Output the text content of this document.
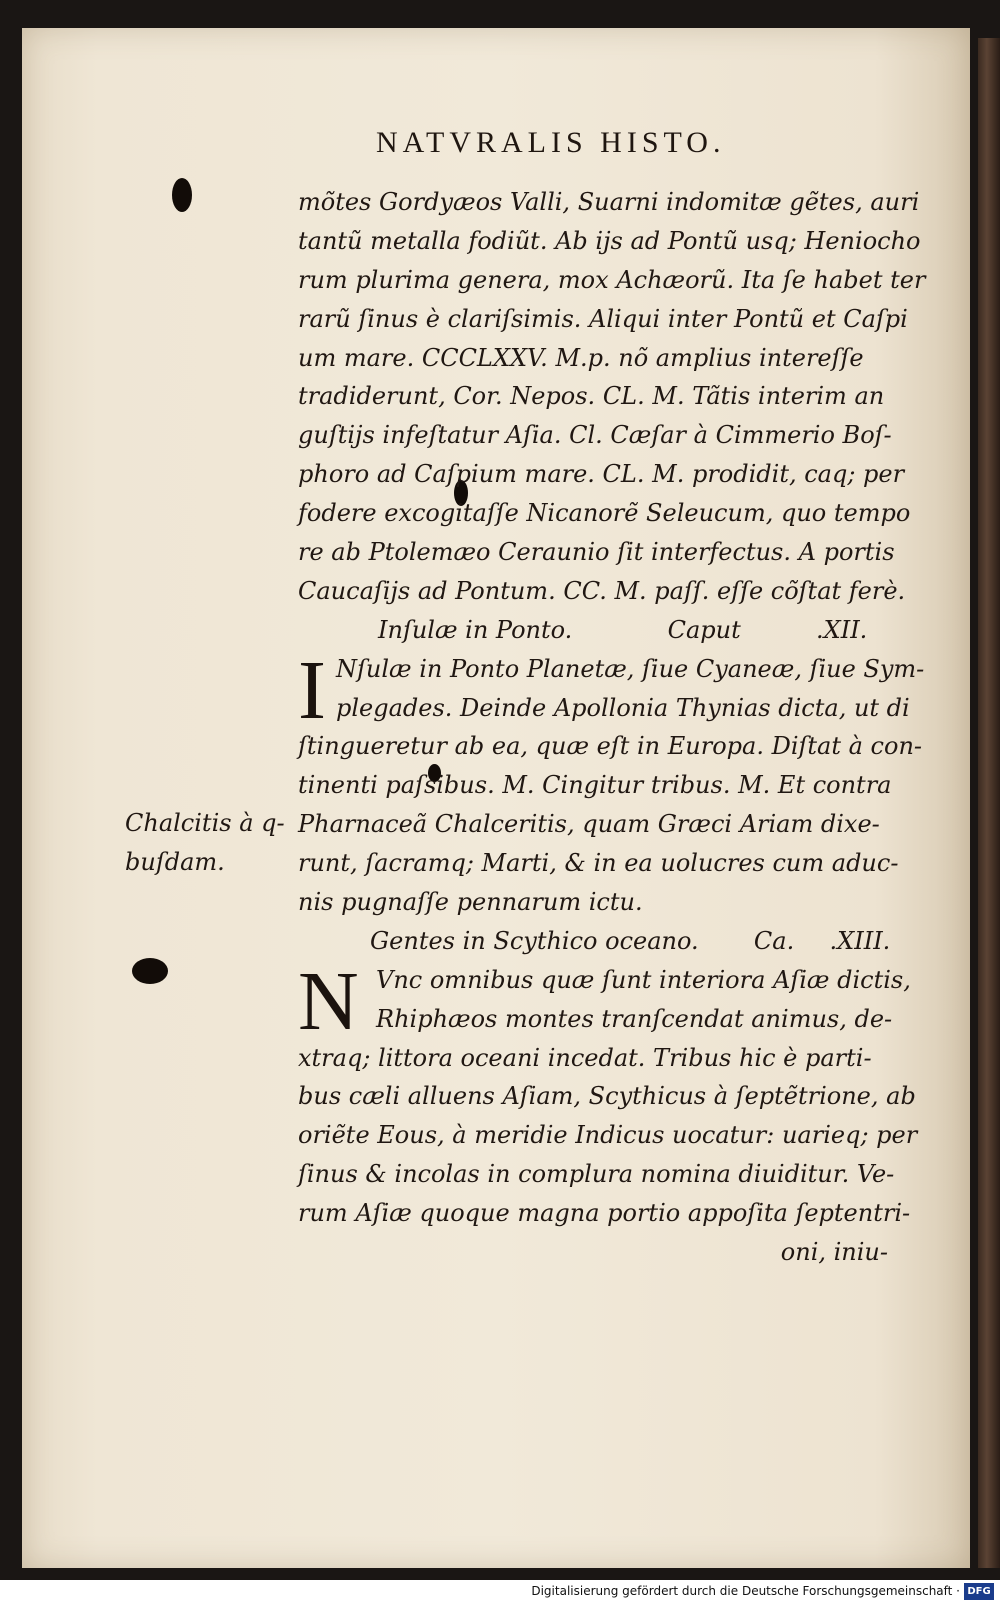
NATVRALIS HISTO.
Chalcitis à q-
buſdam.
mõtes Gordyæos Valli, Suarni indomitæ gẽtes, auri
tantũ metalla fodiũt. Ab ijs ad Pontũ usq; Heniocho
rum plurima genera, mox Achæorũ. Ita ſe habet ter
rarũ ſinus è clariſsimis. Aliqui inter Pontũ et Caſpi
um mare. CCCLXXV. M.p. nõ amplius intereſſe
tradiderunt, Cor. Nepos. CL. M. Tãtis interim an
guſtijs infeſtatur Aſia. Cl. Cæſar à Cimmerio Boſ-
phoro ad Caſpium mare. CL. M. prodidit, caq; per
fodere excogitaſſe Nicanorẽ Seleucum, quo tempo
re ab Ptolemæo Ceraunio ſit interfectus. A portis
Caucaſijs ad Pontum. CC. M. paſſ. eſſe cõſtat ferè.
Inſulæ in Ponto.	Caput	.XII.
I Nſulæ in Ponto Planetæ, ſiue Cyaneæ, ſiue Sym-
plegades. Deinde Apollonia Thynias dicta, ut di
ſtingueretur ab ea, quæ eſt in Europa. Diſtat à con-
tinenti paſsibus. M. Cingitur tribus. M. Et contra
Pharnaceã Chalceritis, quam Græci Ariam dixe-
runt, ſacramq; Marti, & in ea uolucres cum aduc-
nis pugnaſſe pennarum ictu.
Gentes in Scythico oceano. Ca. .XIII.
N Vnc omnibus quæ ſunt interiora Aſiæ dictis,
Rhiphæos montes tranſcendat animus, de-
xtraq; littora oceani incedat. Tribus hic è parti-
bus cæli alluens Aſiam, Scythicus à ſeptẽtrione, ab
oriẽte Eous, à meridie Indicus uocatur: uarieq; per
ſinus & incolas in complura nomina diuiditur. Ve-
rum Aſiæ quoque magna portio appoſita ſeptentri-
oni, iniu-
Digitalisierung gefördert durch die Deutsche Forschungsgemeinschaft · DFG
